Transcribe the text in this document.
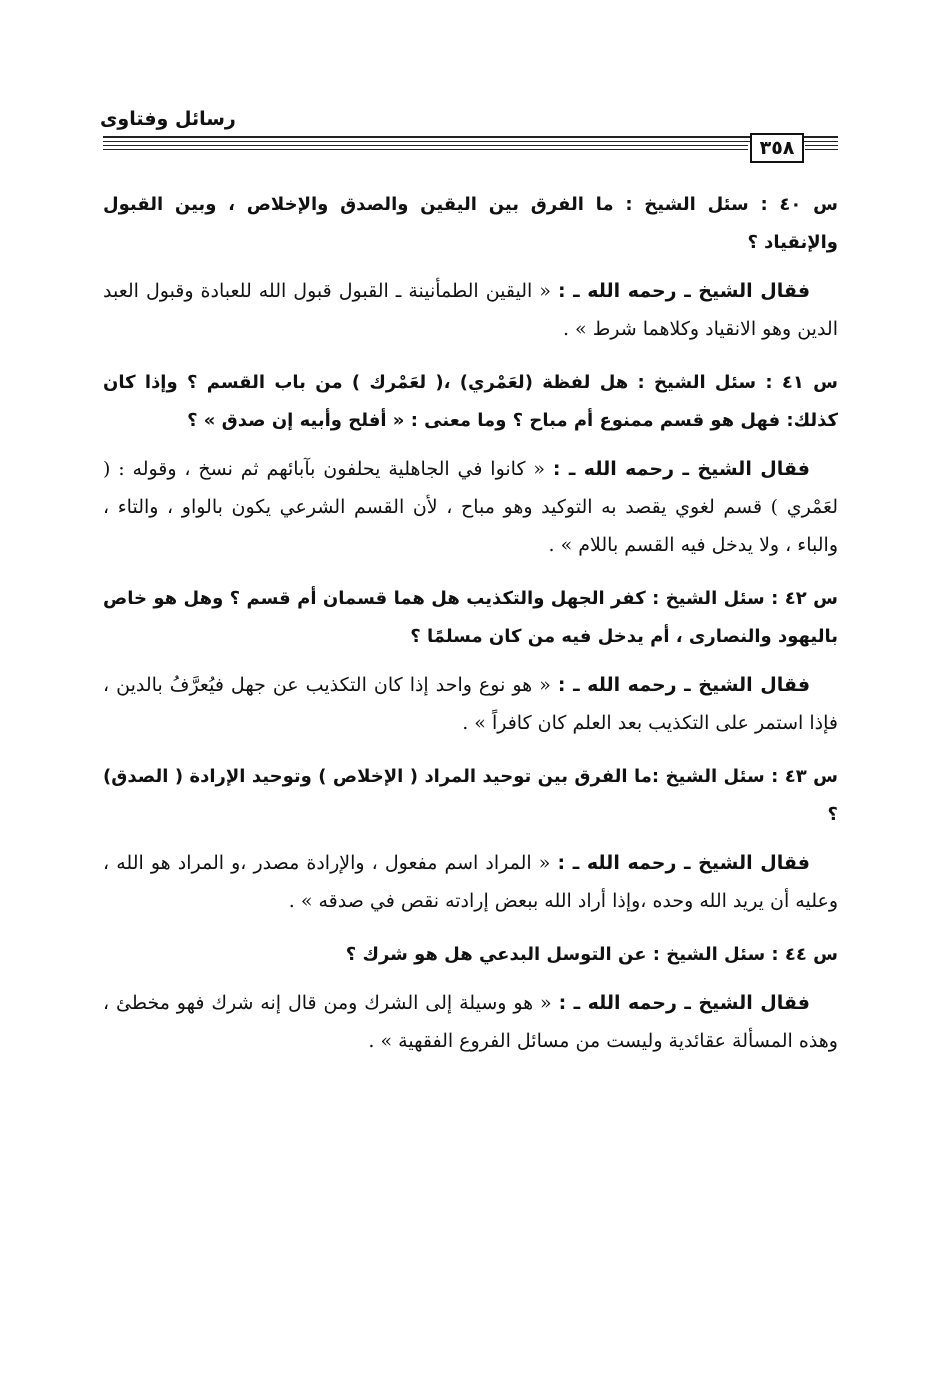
رسائل وفتاوى
٣٥٨

س ٤٠ : سئل الشيخ : ما الفرق بين اليقين والصدق والإخلاص ، وبين القبول والإنقياد ؟

فقال الشيخ ـ رحمه الله ـ : « اليقين الطمأنينة ـ القبول قبول الله للعبادة وقبول العبد الدين وهو الانقياد وكلاهما شرط » .

س ٤١ : سئل الشيخ : هل لفظة (لعَمْري) ،( لعَمْرك ) من باب القسم ؟ وإذا كان كذلك: فهل هو قسم ممنوع أم مباح ؟ وما معنى : « أفلح وأبيه إن صدق » ؟

فقال الشيخ ـ رحمه الله ـ : « كانوا في الجاهلية يحلفون بآبائهم ثم نسخ ، وقوله : ( لعَمْري ) قسم لغوي يقصد به التوكيد وهو مباح ، لأن القسم الشرعي يكون بالواو ، والتاء ، والباء ، ولا يدخل فيه القسم باللام » .

س ٤٢ : سئل الشيخ : كفر الجهل والتكذيب هل هما قسمان أم قسم ؟ وهل هو خاص باليهود والنصارى ، أم يدخل فيه من كان مسلمًا ؟

فقال الشيخ ـ رحمه الله ـ : « هو نوع واحد إذا كان التكذيب عن جهل فيُعرَّفُ بالدين ، فإذا استمر على التكذيب بعد العلم كان كافراً » .

س ٤٣ : سئل الشيخ :ما الفرق بين توحيد المراد ( الإخلاص ) وتوحيد الإرادة ( الصدق) ؟

فقال الشيخ ـ رحمه الله ـ : « المراد اسم مفعول ، والإرادة مصدر ،و المراد هو الله ، وعليه أن يريد الله وحده ،وإذا أراد الله ببعض إرادته نقص في صدقه » .

س ٤٤ : سئل الشيخ : عن التوسل البدعي هل هو شرك ؟

فقال الشيخ ـ رحمه الله ـ : « هو وسيلة إلى الشرك ومن قال إنه شرك فهو مخطئ ، وهذه المسألة عقائدية وليست من مسائل الفروع الفقهية » .
